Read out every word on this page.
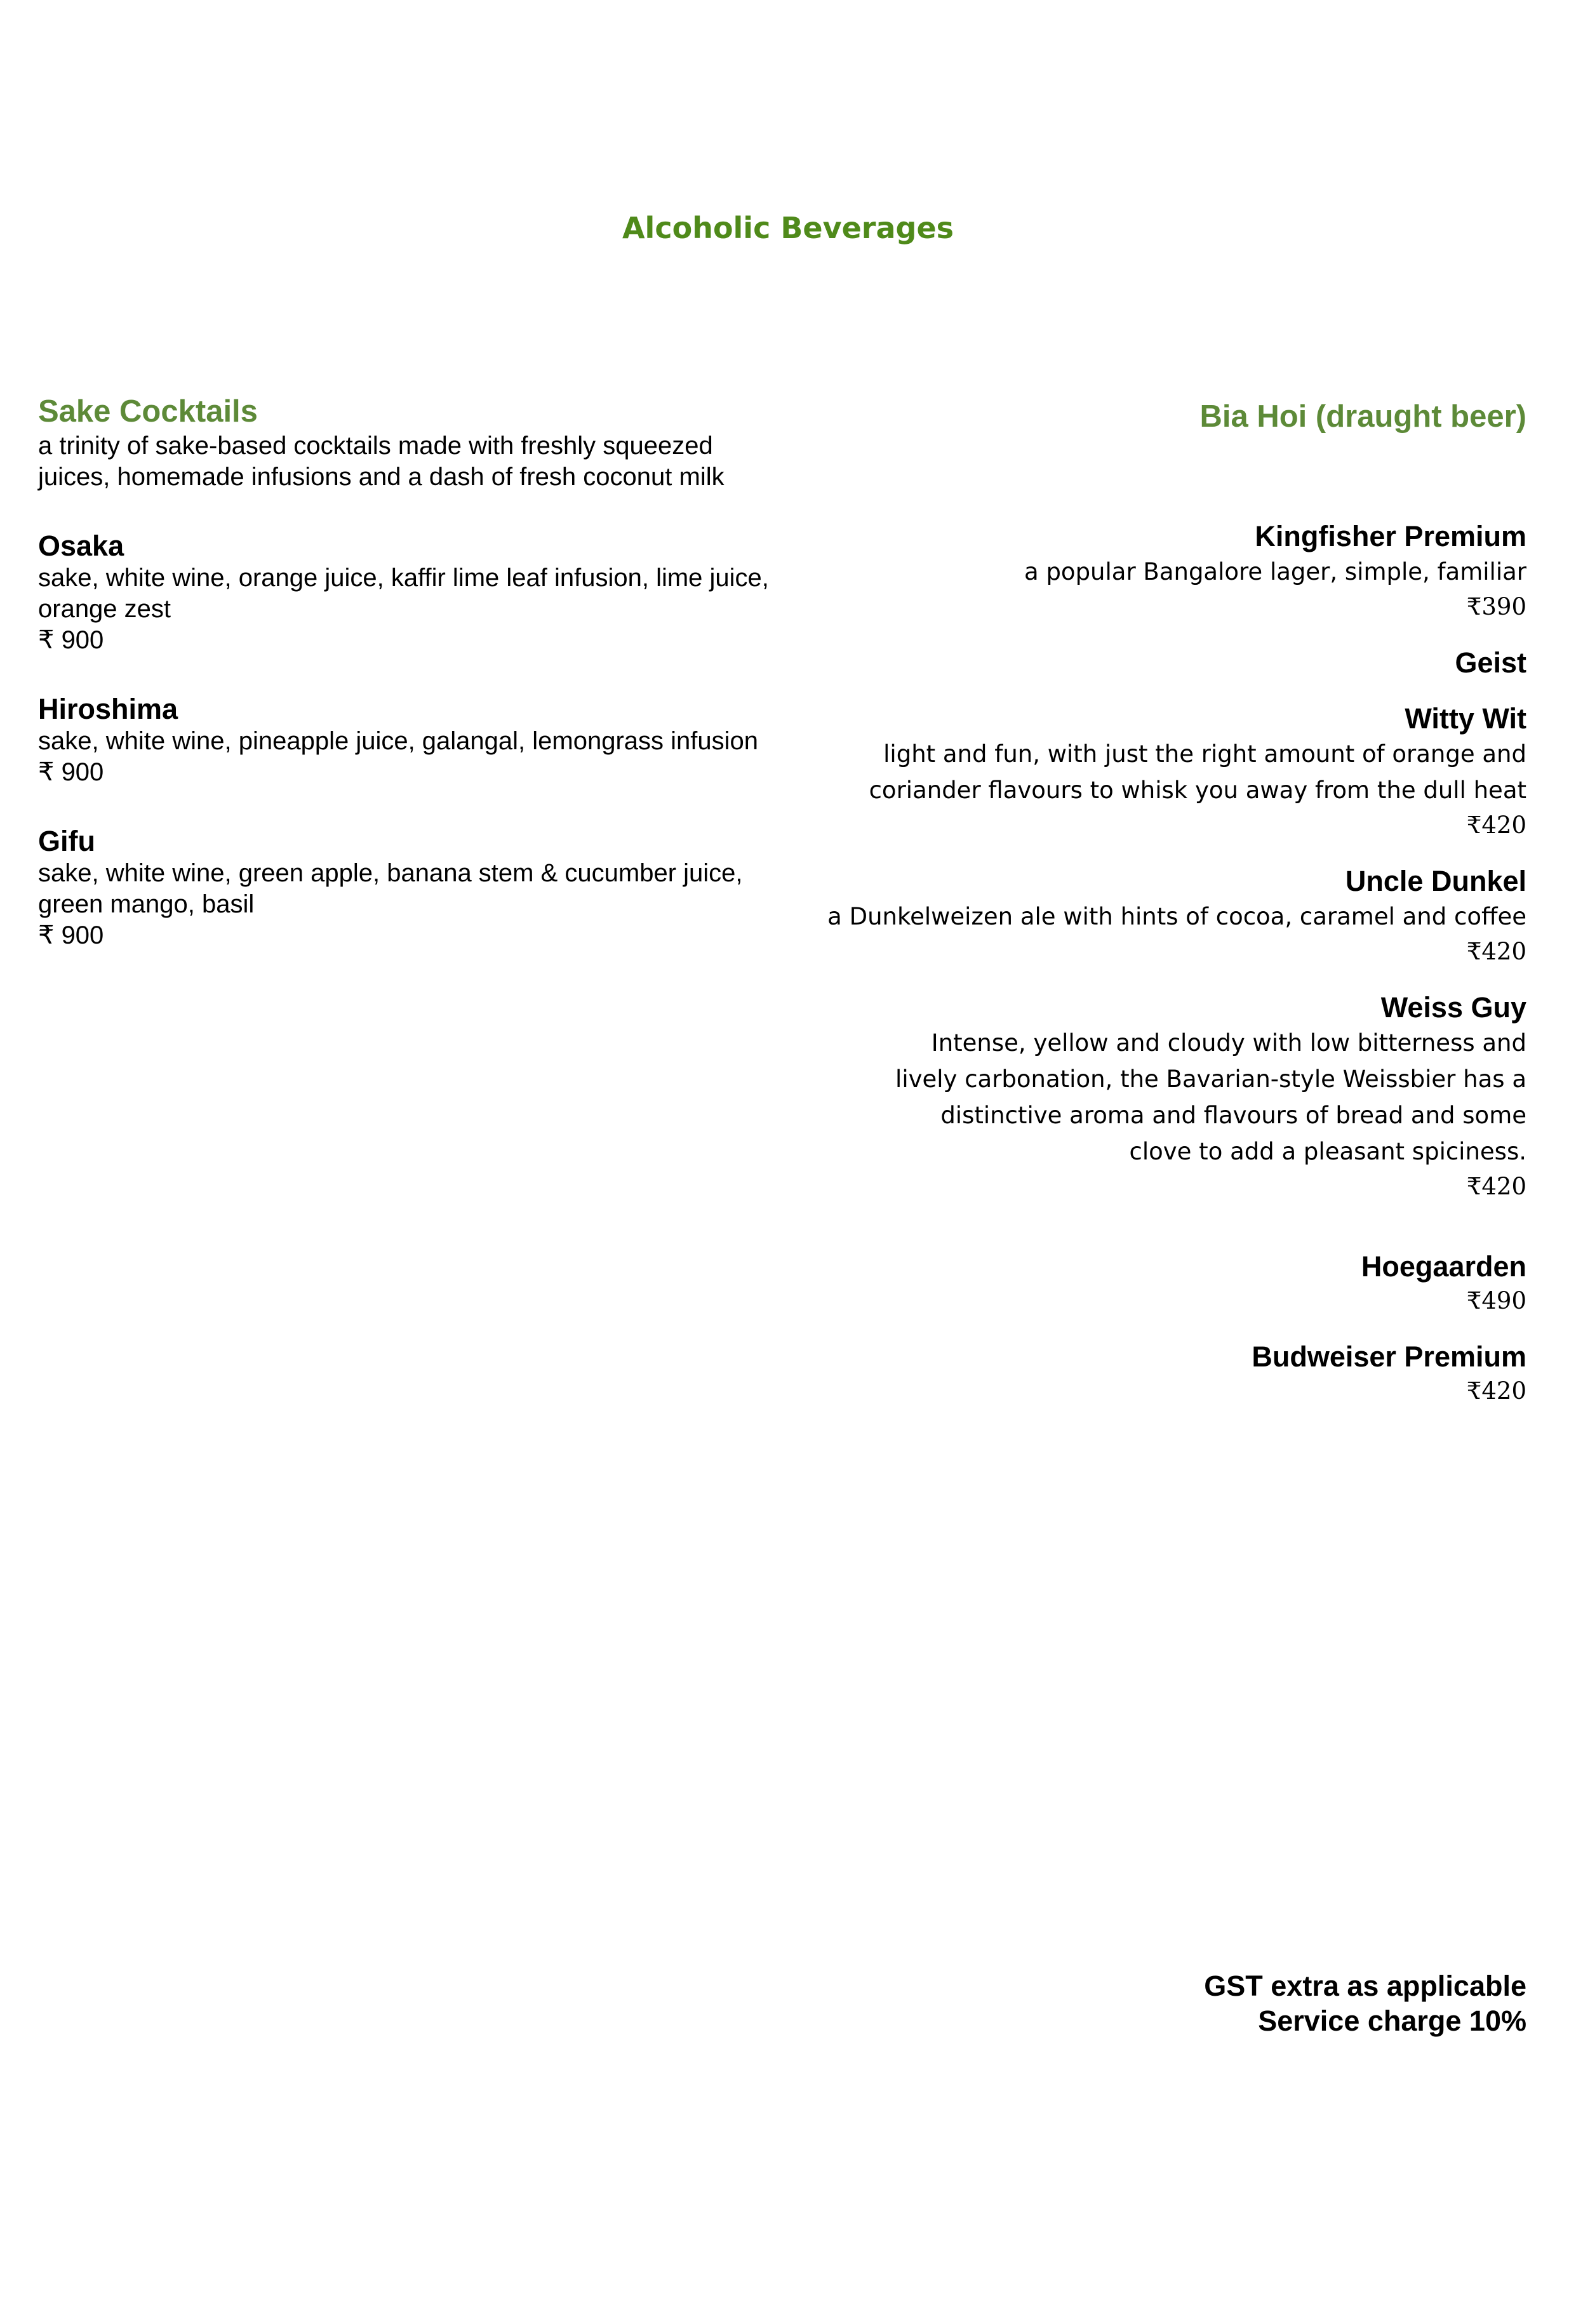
Alcoholic Beverages
Sake Cocktails
a trinity of sake-based cocktails made with freshly squeezed juices, homemade infusions and a dash of fresh coconut milk
Osaka
sake, white wine, orange juice, kaffir lime leaf infusion, lime juice, orange zest
₹ 900
Hiroshima
sake, white wine, pineapple juice, galangal, lemongrass infusion
₹ 900
Gifu
sake, white wine, green apple, banana stem & cucumber juice, green mango, basil
₹ 900
Bia Hoi (draught beer)
Kingfisher Premium
a popular Bangalore lager, simple, familiar
₹390
Geist
Witty Wit
light and fun, with just the right amount of orange and coriander flavours to whisk you away from the dull heat
₹420
Uncle Dunkel
a Dunkelweizen ale with hints of cocoa, caramel and coffee
₹420
Weiss Guy
Intense, yellow and cloudy with low bitterness and lively carbonation, the Bavarian-style Weissbier has a distinctive aroma and flavours of bread and some clove to add a pleasant spiciness.
₹420
Hoegaarden
₹490
Budweiser Premium
₹420
GST extra as applicable
Service charge 10%
